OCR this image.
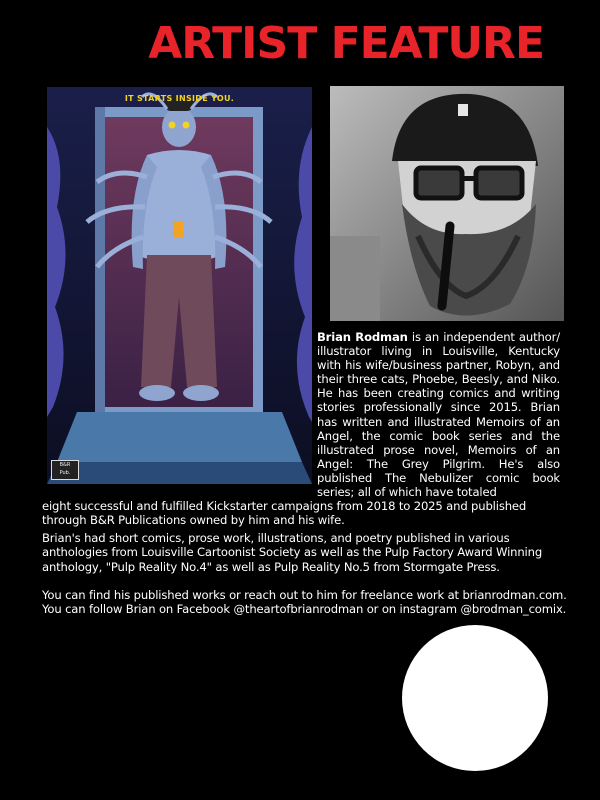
ARTIST FEATURE
IT STARTS INSIDE YOU.
B&R
Pub.
Brian Rodman is an independent author/ illustrator living in Louisville, Kentucky with his wife/business partner, Robyn, and their three cats, Phoebe, Beesly, and Niko. He has been creating comics and writing stories professionally since 2015. Brian has written and illustrated Memoirs of an Angel, the comic book series and the illustrated prose novel, Memoirs of an Angel: The Grey Pilgrim. He's also published The Nebulizer comic book series; all of which have totaled
eight successful and fulfilled Kickstarter campaigns from 2018 to 2025 and published through B&R Publications owned by him and his wife.
Brian's had short comics, prose work, illustrations, and poetry published in various anthologies from Louisville Cartoonist Society as well as the Pulp Factory Award Winning anthology, "Pulp Reality No.4" as well as Pulp Reality No.5 from Stormgate Press.
You can find his published works or reach out to him for freelance work at brianrodman.com.
You can follow Brian on Facebook @theartofbrianrodman or on instagram @brodman_comix.
